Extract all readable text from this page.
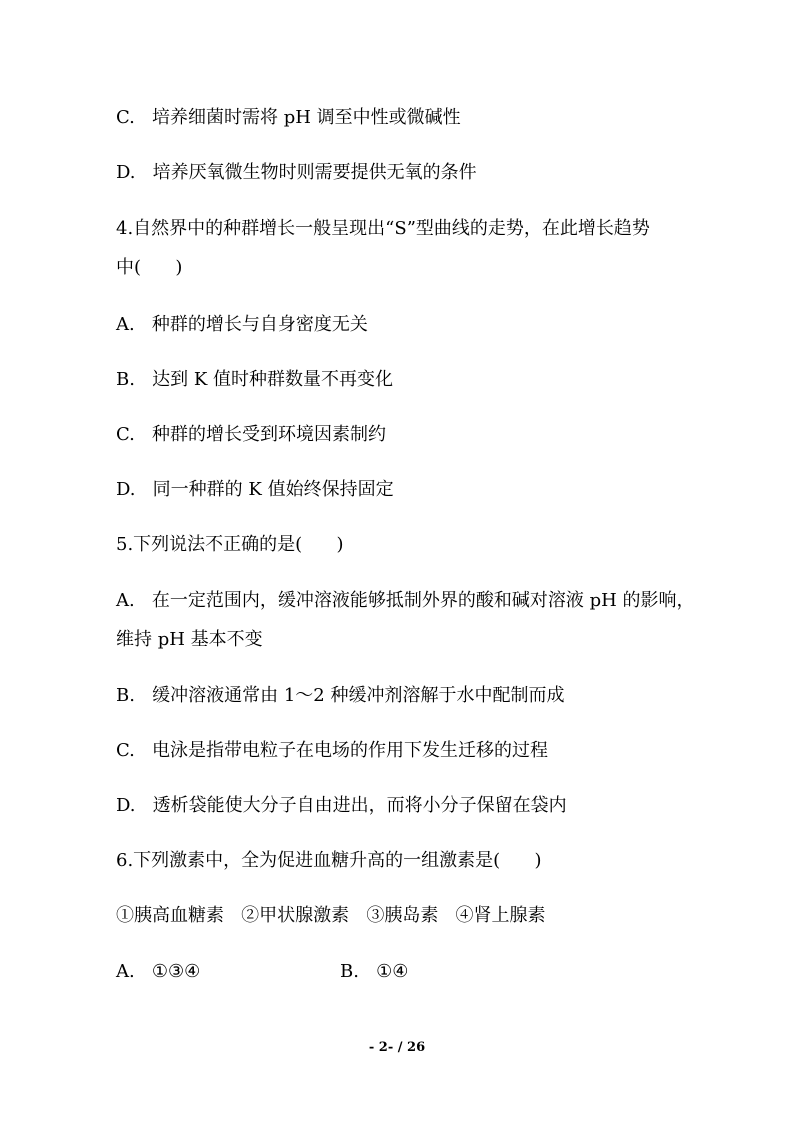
C.   培养细菌时需将 pH 调至中性或微碱性
D.   培养厌氧微生物时则需要提供无氧的条件
4.自然界中的种群增长一般呈现出“S”型曲线的走势，在此增长趋势
中(      )
A.   种群的增长与自身密度无关
B.   达到 K 值时种群数量不再变化
C.   种群的增长受到环境因素制约
D.   同一种群的 K 值始终保持固定
5.下列说法不正确的是(      )
A.   在一定范围内，缓冲溶液能够抵制外界的酸和碱对溶液 pH 的影响，
维持 pH 基本不变
B.   缓冲溶液通常由 1～2 种缓冲剂溶解于水中配制而成
C.   电泳是指带电粒子在电场的作用下发生迁移的过程
D.   透析袋能使大分子自由进出，而将小分子保留在袋内
6.下列激素中，全为促进血糖升高的一组激素是(      )
①胰高血糖素   ②甲状腺激素   ③胰岛素   ④肾上腺素
A.   ①③④	B.   ①④
- 2- / 26
